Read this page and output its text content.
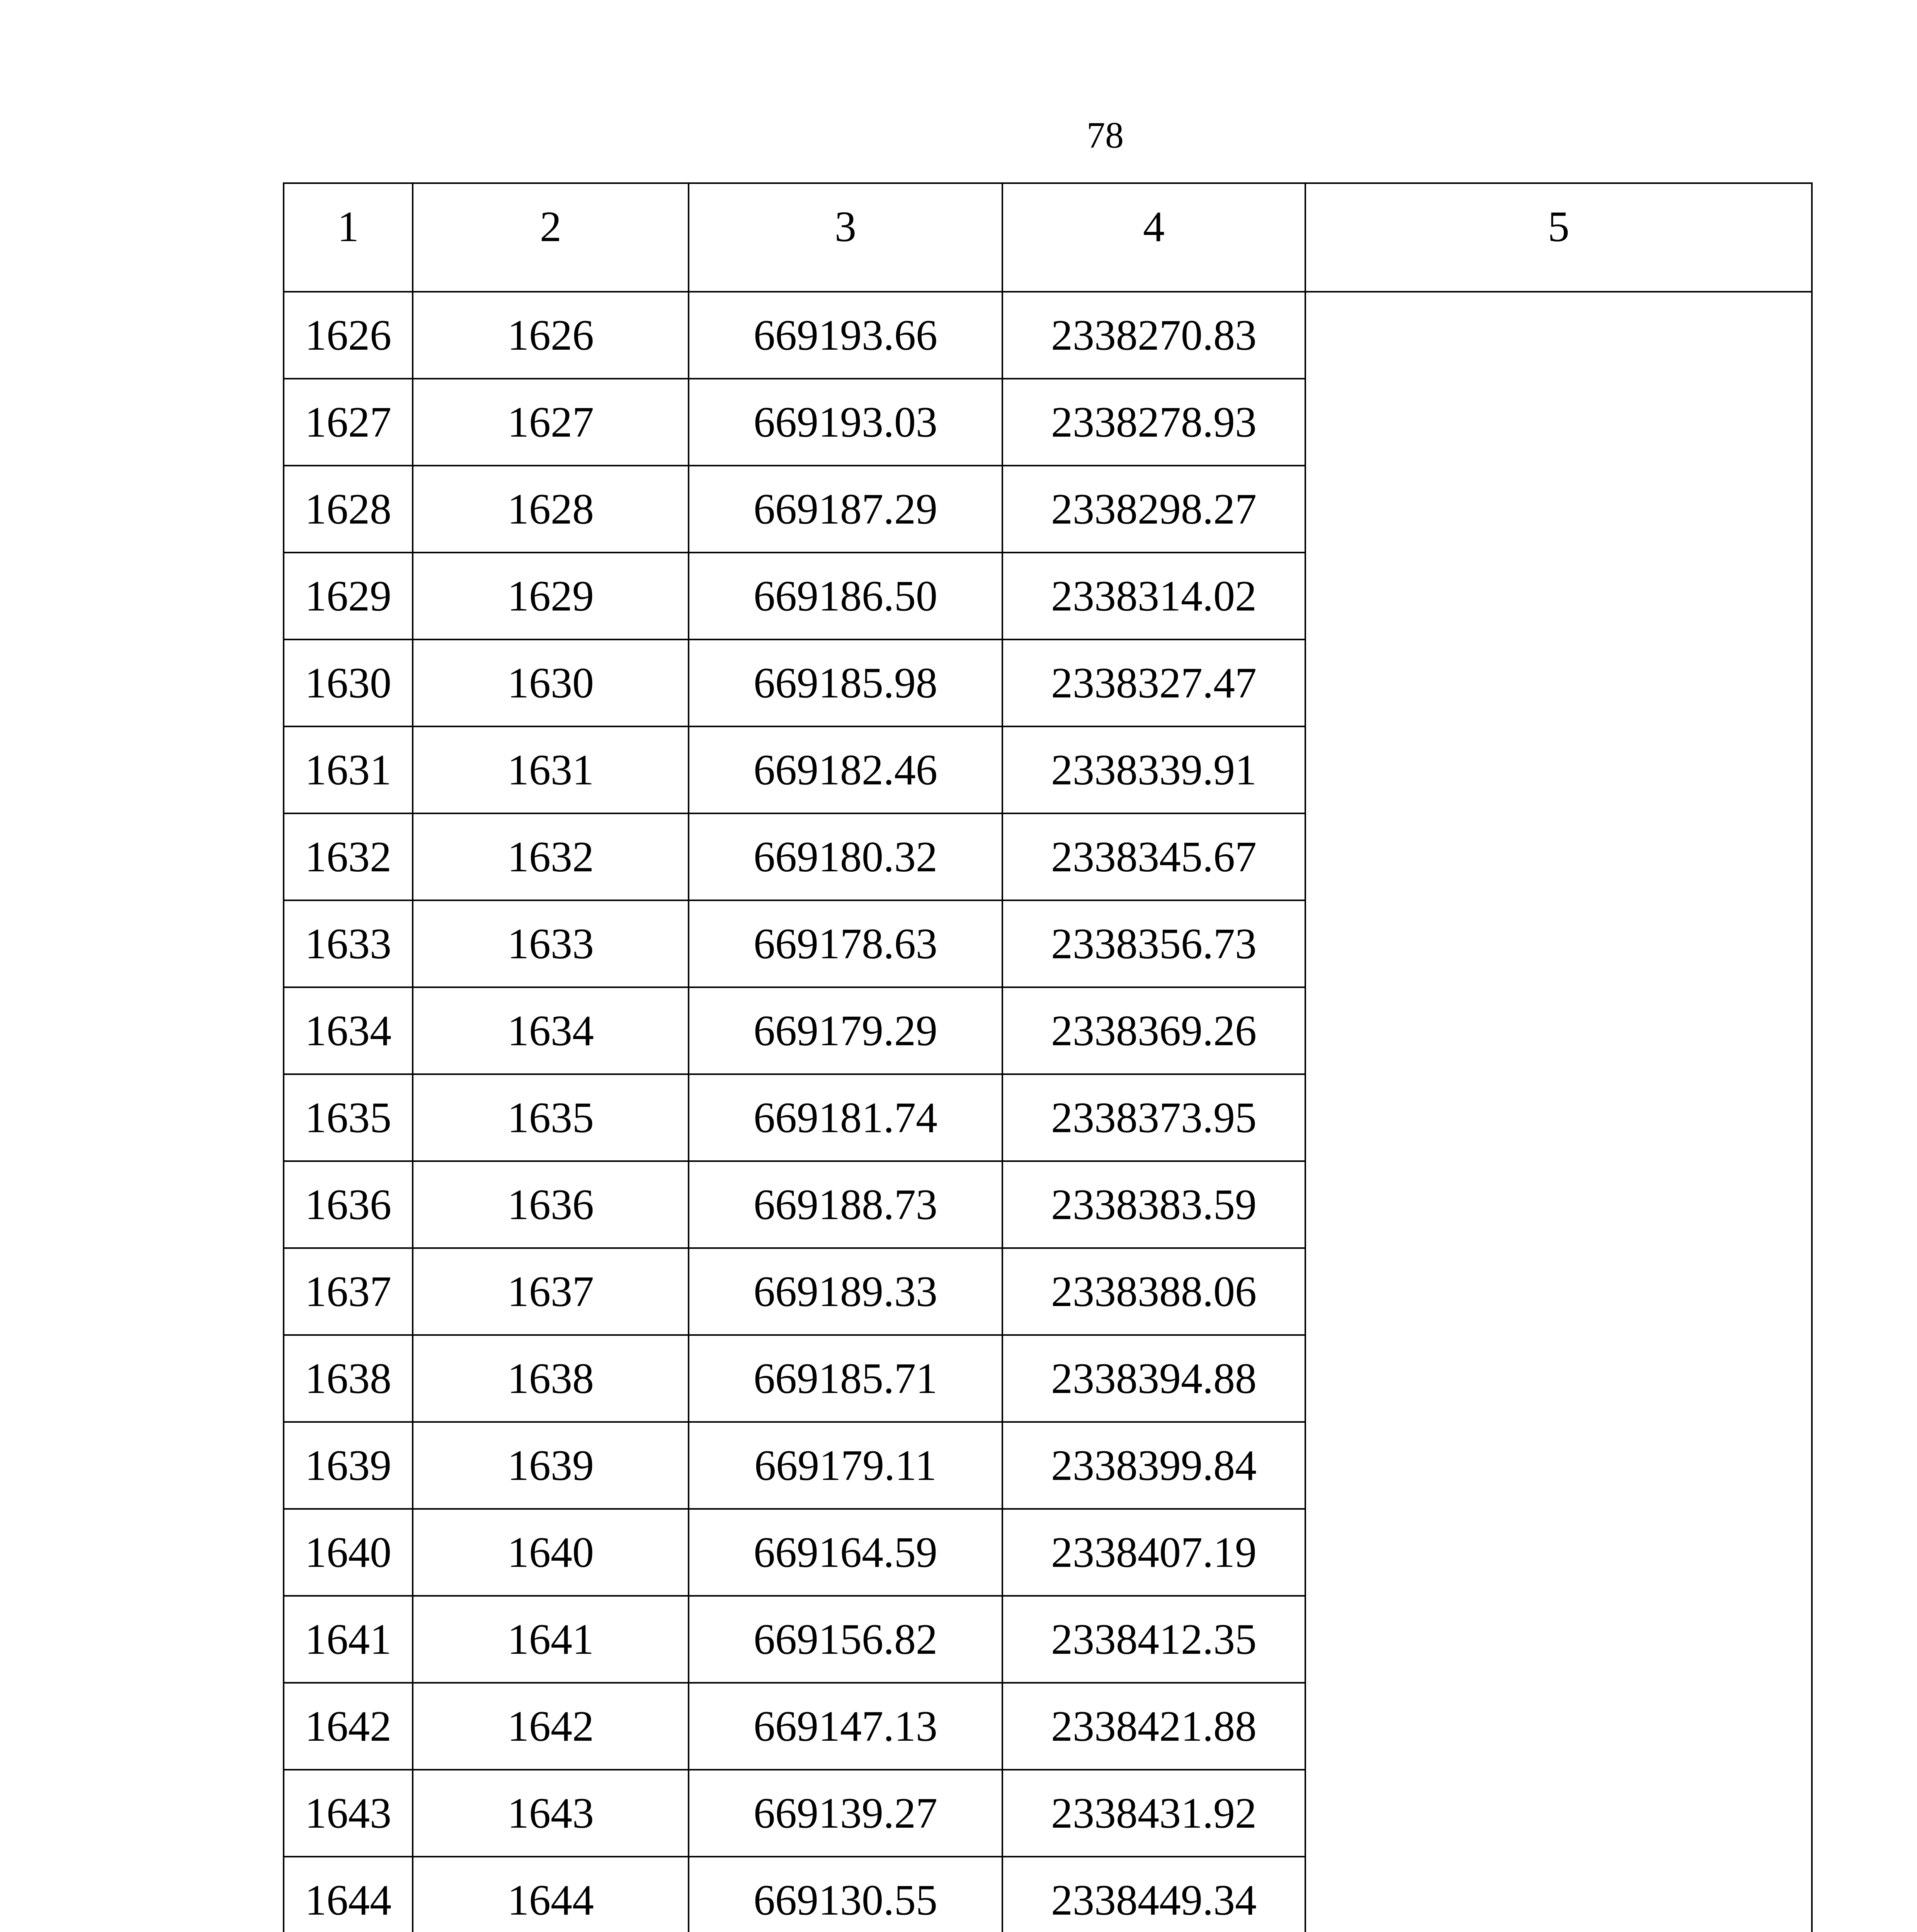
78
1	2	3	4	5
1626	1626	669193.66	2338270.83	
1627	1627	669193.03	2338278.93	
1628	1628	669187.29	2338298.27	
1629	1629	669186.50	2338314.02	
1630	1630	669185.98	2338327.47	
1631	1631	669182.46	2338339.91	
1632	1632	669180.32	2338345.67	
1633	1633	669178.63	2338356.73	
1634	1634	669179.29	2338369.26	
1635	1635	669181.74	2338373.95	
1636	1636	669188.73	2338383.59	
1637	1637	669189.33	2338388.06	
1638	1638	669185.71	2338394.88	
1639	1639	669179.11	2338399.84	
1640	1640	669164.59	2338407.19	
1641	1641	669156.82	2338412.35	
1642	1642	669147.13	2338421.88	
1643	1643	669139.27	2338431.92	
1644	1644	669130.55	2338449.34	
